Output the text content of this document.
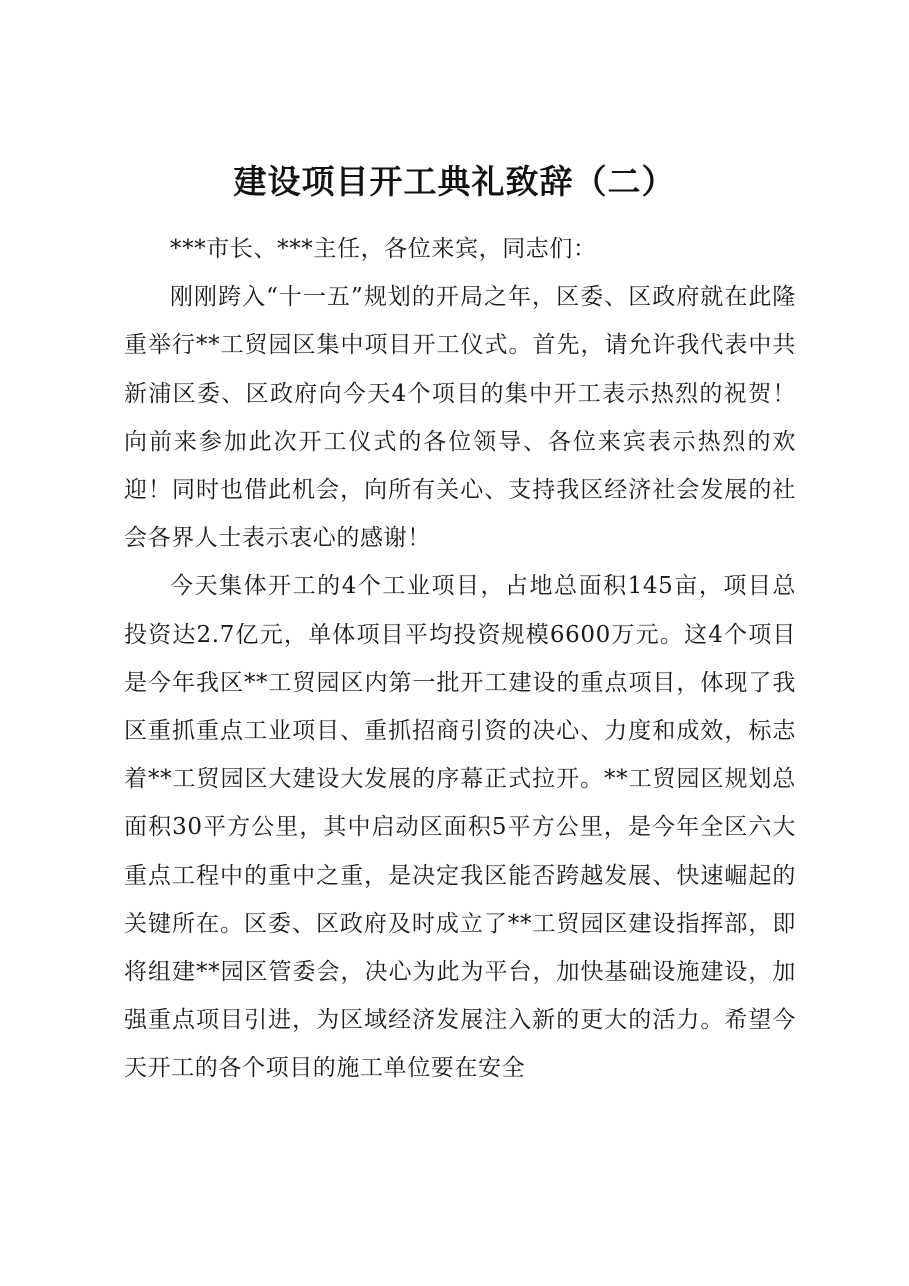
建设项目开工典礼致辞（二）

***市长、***主任，各位来宾，同志们：

刚刚跨入“十一五”规划的开局之年，区委、区政府就在此隆重举行**工贸园区集中项目开工仪式。首先，请允许我代表中共新浦区委、区政府向今天4个项目的集中开工表示热烈的祝贺！向前来参加此次开工仪式的各位领导、各位来宾表示热烈的欢迎！同时也借此机会，向所有关心、支持我区经济社会发展的社会各界人士表示衷心的感谢！

今天集体开工的4个工业项目，占地总面积145亩，项目总投资达2.7亿元，单体项目平均投资规模6600万元。这4个项目是今年我区**工贸园区内第一批开工建设的重点项目，体现了我区重抓重点工业项目、重抓招商引资的决心、力度和成效，标志着**工贸园区大建设大发展的序幕正式拉开。**工贸园区规划总面积30平方公里，其中启动区面积5平方公里，是今年全区六大重点工程中的重中之重，是决定我区能否跨越发展、快速崛起的关键所在。区委、区政府及时成立了**工贸园区建设指挥部，即将组建**园区管委会，决心为此为平台，加快基础设施建设，加强重点项目引进，为区域经济发展注入新的更大的活力。希望今天开工的各个项目的施工单位要在安全
